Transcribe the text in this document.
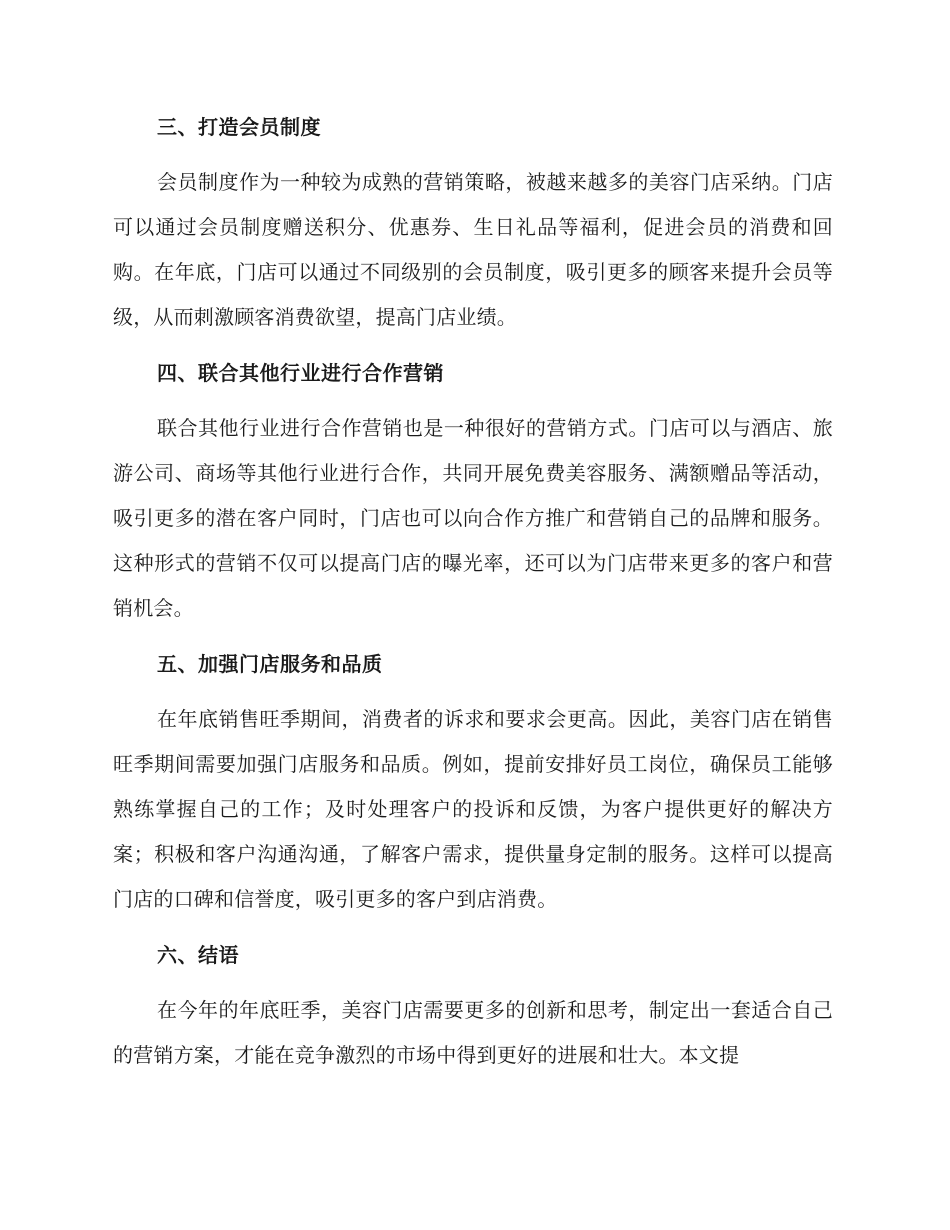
三、打造会员制度

会员制度作为一种较为成熟的营销策略，被越来越多的美容门店采纳。门店可以通过会员制度赠送积分、优惠券、生日礼品等福利，促进会员的消费和回购。在年底，门店可以通过不同级别的会员制度，吸引更多的顾客来提升会员等级，从而刺激顾客消费欲望，提高门店业绩。

四、联合其他行业进行合作营销

联合其他行业进行合作营销也是一种很好的营销方式。门店可以与酒店、旅游公司、商场等其他行业进行合作，共同开展免费美容服务、满额赠品等活动，吸引更多的潜在客户同时，门店也可以向合作方推广和营销自己的品牌和服务。这种形式的营销不仅可以提高门店的曝光率，还可以为门店带来更多的客户和营销机会。

五、加强门店服务和品质

在年底销售旺季期间，消费者的诉求和要求会更高。因此，美容门店在销售旺季期间需要加强门店服务和品质。例如，提前安排好员工岗位，确保员工能够熟练掌握自己的工作；及时处理客户的投诉和反馈，为客户提供更好的解决方案；积极和客户沟通沟通，了解客户需求，提供量身定制的服务。这样可以提高门店的口碑和信誉度，吸引更多的客户到店消费。

六、结语

在今年的年底旺季，美容门店需要更多的创新和思考，制定出一套适合自己的营销方案，才能在竞争激烈的市场中得到更好的进展和壮大。本文提
